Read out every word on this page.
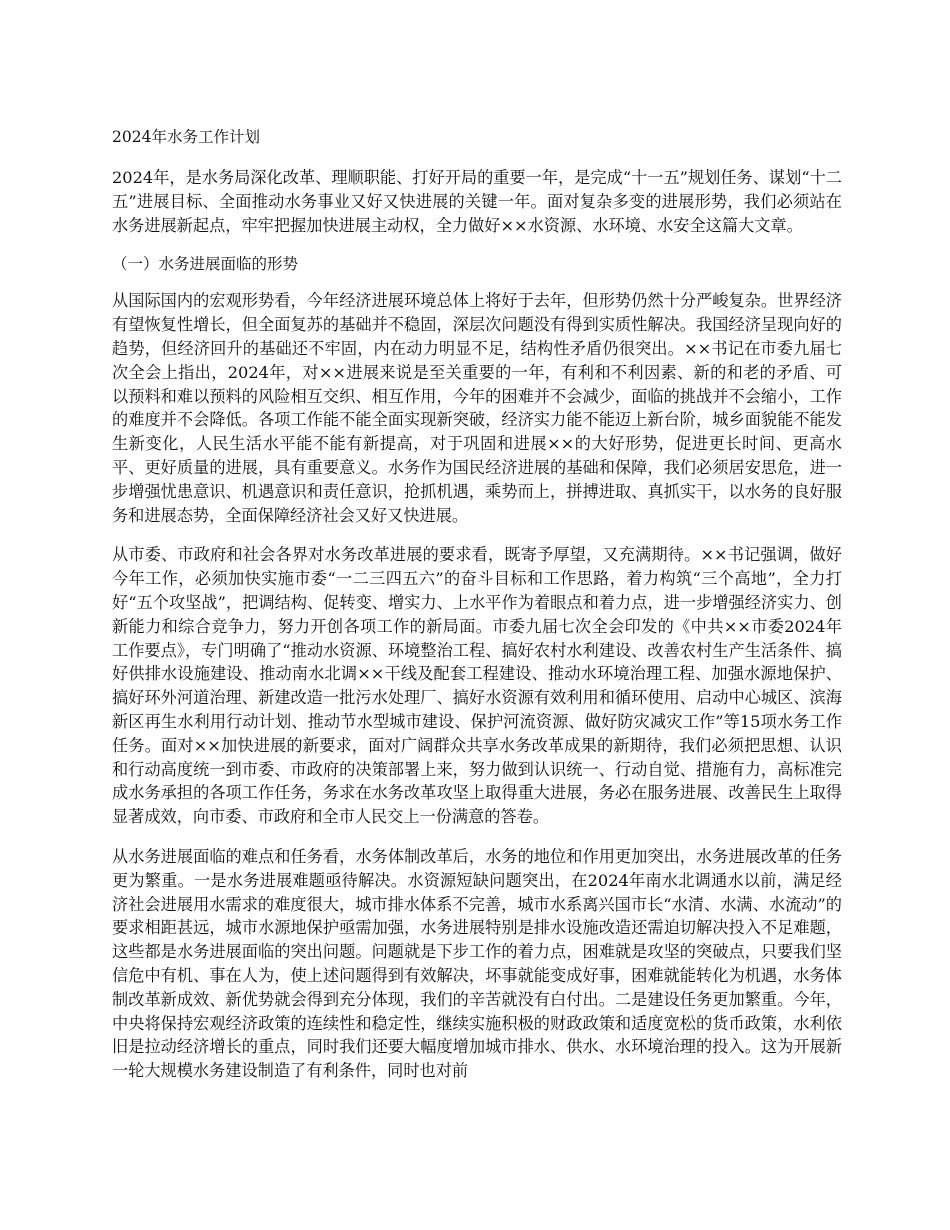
2024年水务工作计划

2024年，是水务局深化改革、理顺职能、打好开局的重要一年，是完成“十一五”规划任务、谋划“十二五”进展目标、全面推动水务事业又好又快进展的关键一年。面对复杂多变的进展形势，我们必须站在水务进展新起点，牢牢把握加快进展主动权，全力做好××水资源、水环境、水安全这篇大文章。

（一）水务进展面临的形势

从国际国内的宏观形势看，今年经济进展环境总体上将好于去年，但形势仍然十分严峻复杂。世界经济有望恢复性增长，但全面复苏的基础并不稳固，深层次问题没有得到实质性解决。我国经济呈现向好的趋势，但经济回升的基础还不牢固，内在动力明显不足，结构性矛盾仍很突出。××书记在市委九届七次全会上指出，2024年，对××进展来说是至关重要的一年，有利和不利因素、新的和老的矛盾、可以预料和难以预料的风险相互交织、相互作用，今年的困难并不会减少，面临的挑战并不会缩小，工作的难度并不会降低。各项工作能不能全面实现新突破，经济实力能不能迈上新台阶，城乡面貌能不能发生新变化，人民生活水平能不能有新提高，对于巩固和进展××的大好形势，促进更长时间、更高水平、更好质量的进展，具有重要意义。水务作为国民经济进展的基础和保障，我们必须居安思危，进一步增强忧患意识、机遇意识和责任意识，抢抓机遇，乘势而上，拼搏进取、真抓实干，以水务的良好服务和进展态势，全面保障经济社会又好又快进展。

从市委、市政府和社会各界对水务改革进展的要求看，既寄予厚望，又充满期待。××书记强调，做好今年工作，必须加快实施市委“一二三四五六”的奋斗目标和工作思路，着力构筑“三个高地”，全力打好“五个攻坚战”，把调结构、促转变、增实力、上水平作为着眼点和着力点，进一步增强经济实力、创新能力和综合竞争力，努力开创各项工作的新局面。市委九届七次全会印发的《中共××市委2024年工作要点》，专门明确了“推动水资源、环境整治工程、搞好农村水利建设、改善农村生产生活条件、搞好供排水设施建设、推动南水北调××干线及配套工程建设、推动水环境治理工程、加强水源地保护、搞好环外河道治理、新建改造一批污水处理厂、搞好水资源有效利用和循环使用、启动中心城区、滨海新区再生水利用行动计划、推动节水型城市建设、保护河流资源、做好防灾减灾工作”等15项水务工作任务。面对××加快进展的新要求，面对广阔群众共享水务改革成果的新期待，我们必须把思想、认识和行动高度统一到市委、市政府的决策部署上来，努力做到认识统一、行动自觉、措施有力，高标准完成水务承担的各项工作任务，务求在水务改革攻坚上取得重大进展，务必在服务进展、改善民生上取得显著成效，向市委、市政府和全市人民交上一份满意的答卷。

从水务进展面临的难点和任务看，水务体制改革后，水务的地位和作用更加突出，水务进展改革的任务更为繁重。一是水务进展难题亟待解决。水资源短缺问题突出，在2024年南水北调通水以前，满足经济社会进展用水需求的难度很大，城市排水体系不完善，城市水系离兴国市长“水清、水满、水流动”的要求相距甚远，城市水源地保护亟需加强，水务进展特别是排水设施改造还需迫切解决投入不足难题，这些都是水务进展面临的突出问题。问题就是下步工作的着力点，困难就是攻坚的突破点，只要我们坚信危中有机、事在人为，使上述问题得到有效解决，坏事就能变成好事，困难就能转化为机遇，水务体制改革新成效、新优势就会得到充分体现，我们的辛苦就没有白付出。二是建设任务更加繁重。今年，中央将保持宏观经济政策的连续性和稳定性，继续实施积极的财政政策和适度宽松的货币政策，水利依旧是拉动经济增长的重点，同时我们还要大幅度增加城市排水、供水、水环境治理的投入。这为开展新一轮大规模水务建设制造了有利条件，同时也对前
